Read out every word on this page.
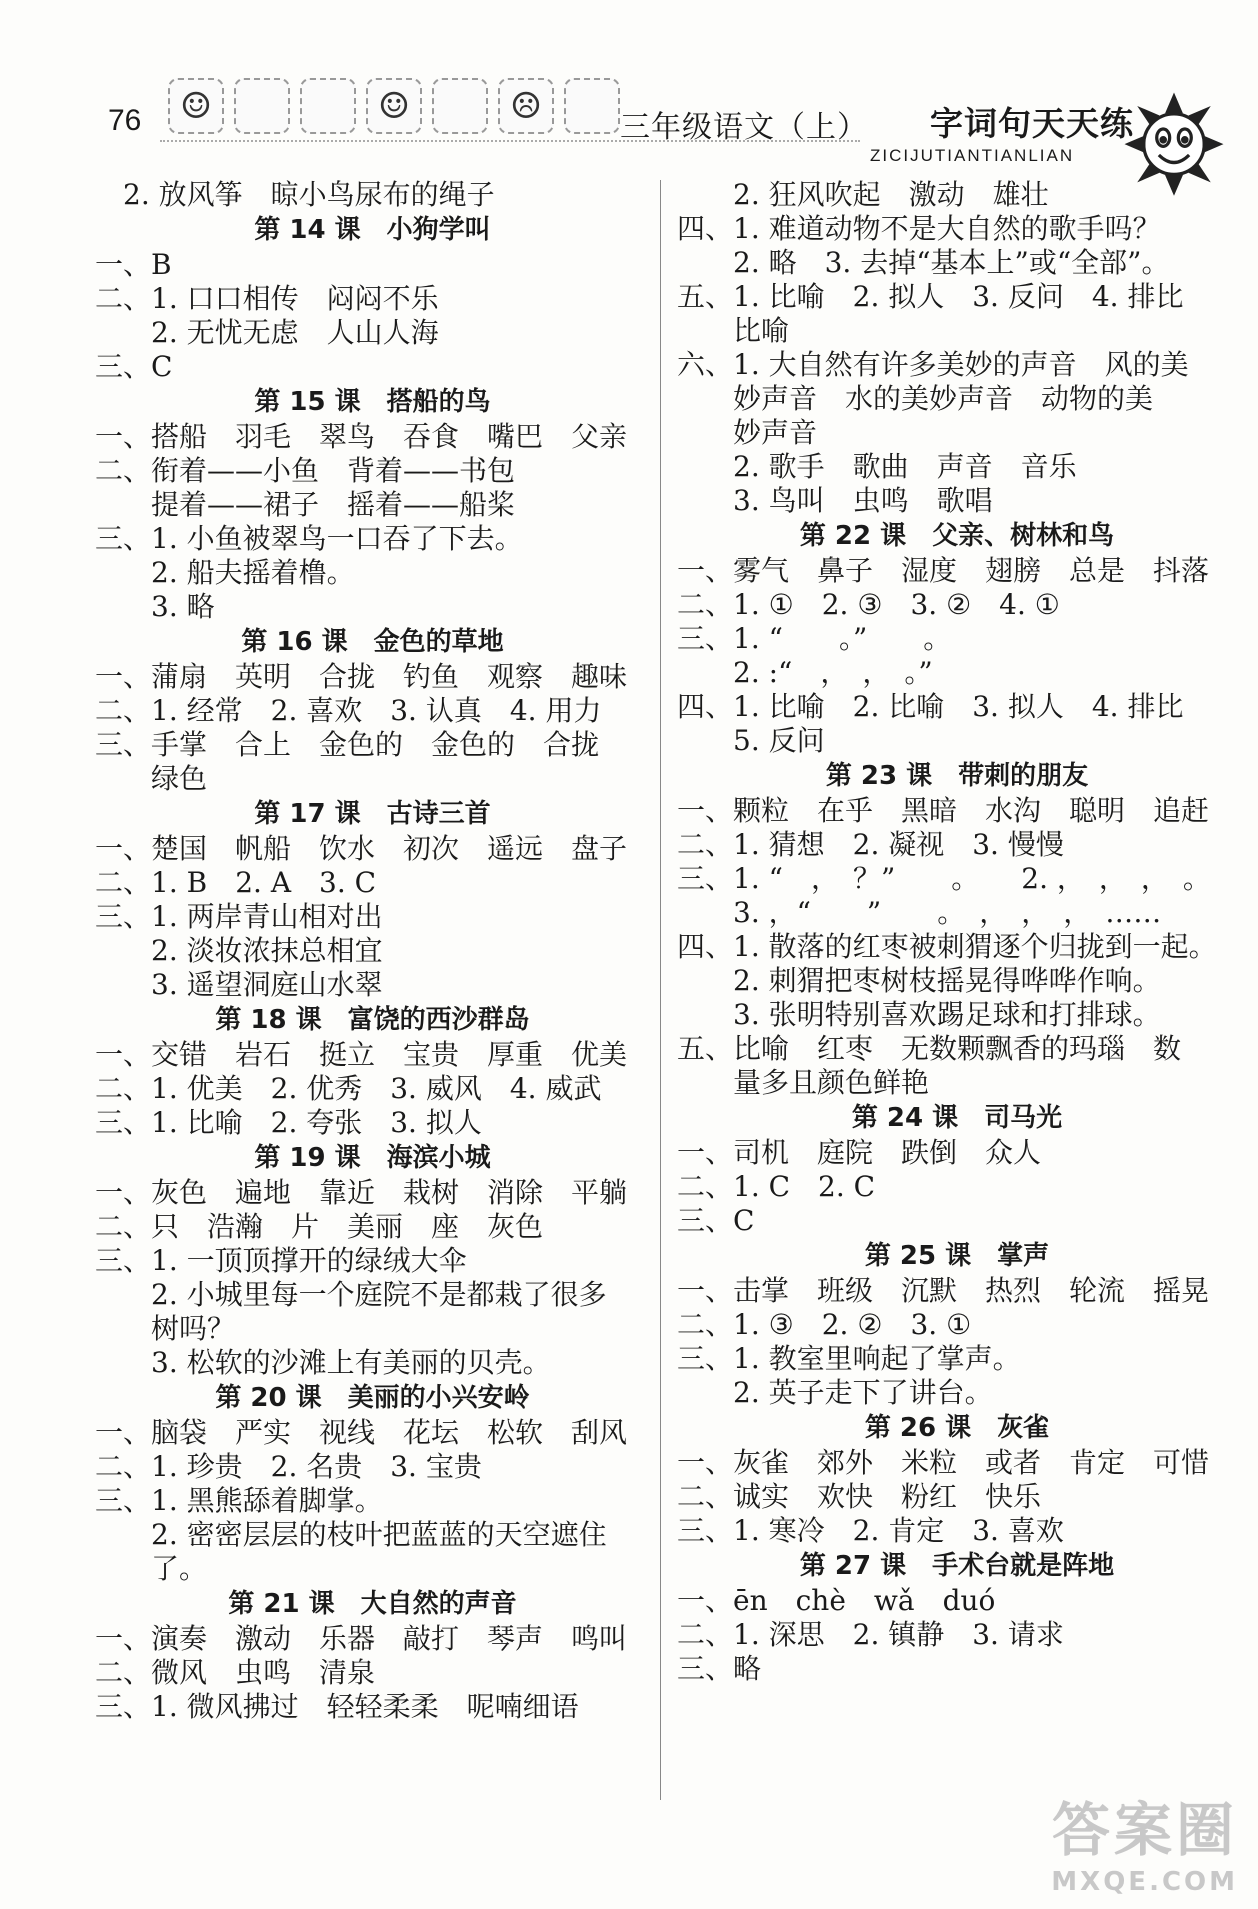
76	☺	☺	☹
三年级语文（上） 字词句天天练
ZICIJUTIANTIANLIAN
　2. 放风筝　晾小鸟尿布的绳子
第 14 课　小狗学叫
一、 B
二、 1. 口口相传　闷闷不乐
　　2. 无忧无虑　人山人海
三、 C
第 15 课　搭船的鸟
一、 搭船　羽毛　翠鸟　吞食　嘴巴　父亲
二、 衔着——小鱼　背着——书包
　　提着——裙子　摇着——船桨
三、 1. 小鱼被翠鸟一口吞了下去。
　　2. 船夫摇着橹。
　　3. 略
第 16 课　金色的草地
一、 蒲扇　英明　合拢　钓鱼　观察　趣味
二、 1. 经常　2. 喜欢　3. 认真　4. 用力
三、 手掌　合上　金色的　金色的　合拢
　　绿色
第 17 课　古诗三首
一、 楚国　帆船　饮水　初次　遥远　盘子
二、 1. B　2. A　3. C
三、 1. 两岸青山相对出
　　2. 淡妆浓抹总相宜
　　3. 遥望洞庭山水翠
第 18 课　富饶的西沙群岛
一、 交错　岩石　挺立　宝贵　厚重　优美
二、 1. 优美　2. 优秀　3. 威风　4. 威武
三、 1. 比喻　2. 夸张　3. 拟人
第 19 课　海滨小城
一、 灰色　遍地　靠近　栽树　消除　平躺
二、 只　浩瀚　片　美丽　座　灰色
三、 1. 一顶顶撑开的绿绒大伞
　　2. 小城里每一个庭院不是都栽了很多
　　树吗？
　　3. 松软的沙滩上有美丽的贝壳。
第 20 课　美丽的小兴安岭
一、 脑袋　严实　视线　花坛　松软　刮风
二、 1. 珍贵　2. 名贵　3. 宝贵
三、 1. 黑熊舔着脚掌。
　　2. 密密层层的枝叶把蓝蓝的天空遮住
　　了。
第 21 课　大自然的声音
一、 演奏　激动　乐器　敲打　琴声　鸣叫
二、 微风　虫鸣　清泉
三、 1. 微风拂过　轻轻柔柔　呢喃细语
　　2. 狂风吹起　激动　雄壮
四、 1. 难道动物不是大自然的歌手吗？
　　2. 略　3. 去掉“基本上”或“全部”。
五、 1. 比喻　2. 拟人　3. 反问　4. 排比
　　比喻
六、 1. 大自然有许多美妙的声音　风的美
　　妙声音　水的美妙声音　动物的美
　　妙声音
　　2. 歌手　歌曲　声音　音乐
　　3. 鸟叫　虫鸣　歌唱
第 22 课　父亲、树林和鸟
一、 雾气　鼻子　湿度　翅膀　总是　抖落
二、 1. ①　2. ③　3. ②　4. ①
三、 1. “　　。”　　。
　　2. :“　，　，　。”
四、 1. 比喻　2. 比喻　3. 拟人　4. 排比
　　5. 反问
第 23 课　带刺的朋友
一、 颗粒　在乎　黑暗　水沟　聪明　追赶
二、 1. 猜想　2. 凝视　3. 慢慢
三、 1. “　，　？”　　。　　2. ，　，　，　。
　　3. ，“　　”　　。　，　，　，　……
四、 1. 散落的红枣被刺猬逐个归拢到一起。
　　2. 刺猬把枣树枝摇晃得哗哗作响。
　　3. 张明特别喜欢踢足球和打排球。
五、 比喻　红枣　无数颗飘香的玛瑙　数
　　量多且颜色鲜艳
第 24 课　司马光
一、 司机　庭院　跌倒　众人
二、 1. C　2. C
三、 C
第 25 课　掌声
一、 击掌　班级　沉默　热烈　轮流　摇晃
二、 1. ③　2. ②　3. ①
三、 1. 教室里响起了掌声。
　　2. 英子走下了讲台。
第 26 课　灰雀
一、 灰雀　郊外　米粒　或者　肯定　可惜
二、 诚实　欢快　粉红　快乐
三、 1. 寒冷　2. 肯定　3. 喜欢
第 27 课　手术台就是阵地
一、 ēn　chè　wǎ　duó
二、 1. 深思　2. 镇静　3. 请求
三、 略
答案圈
MXQE.COM
